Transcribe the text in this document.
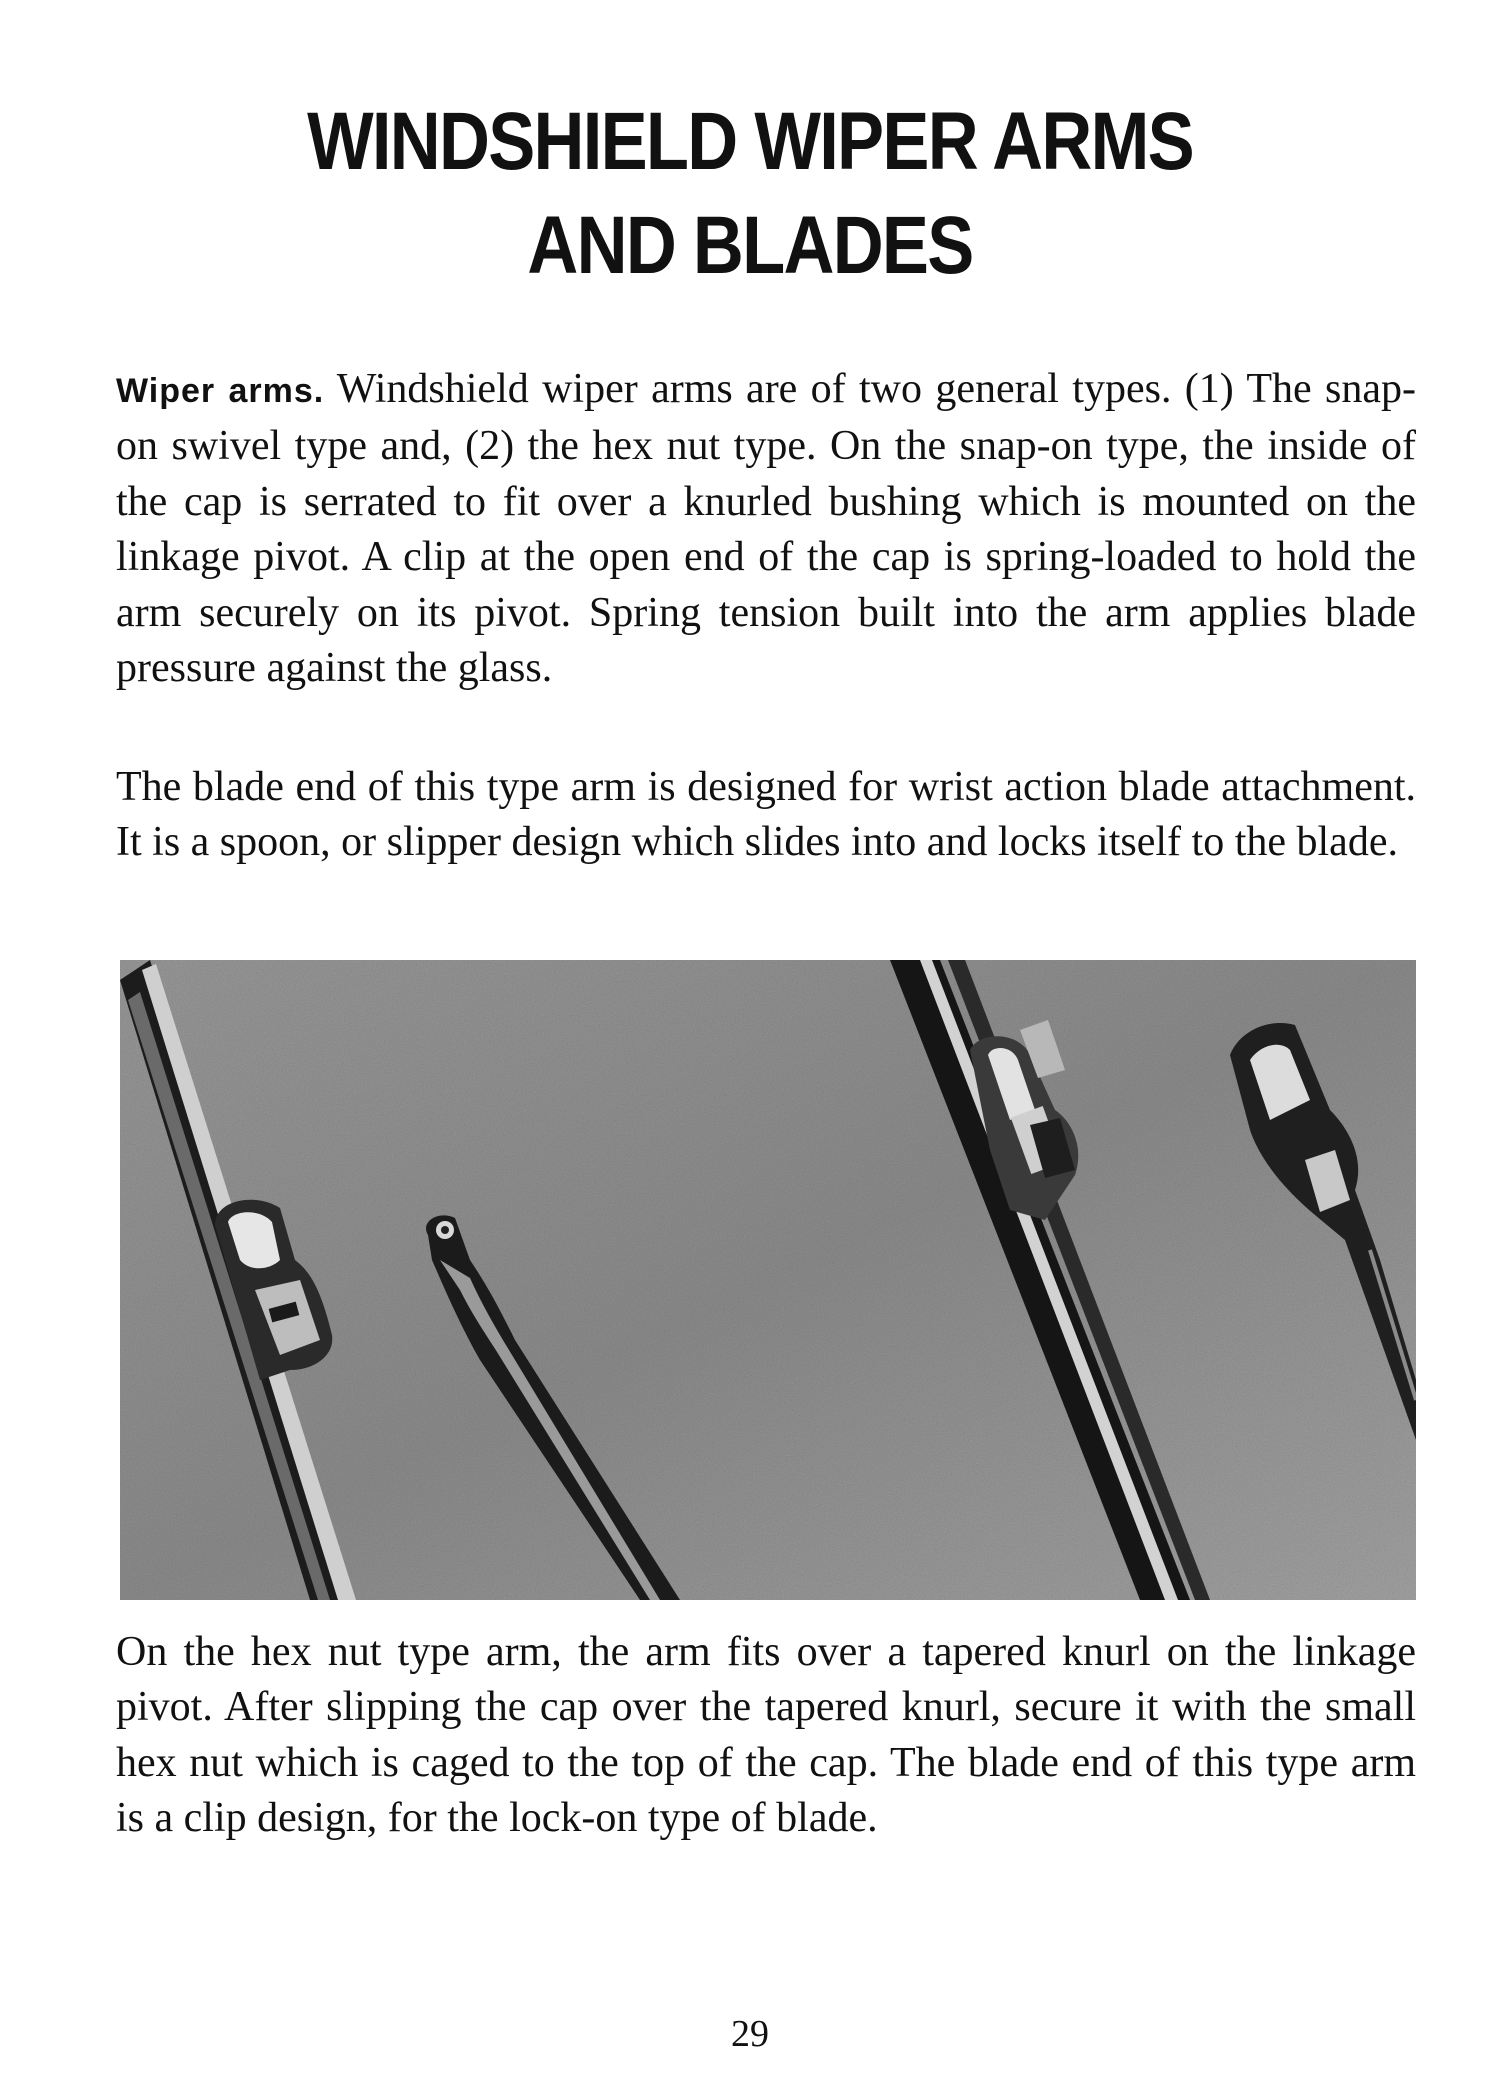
WINDSHIELD WIPER ARMS
AND BLADES

Wiper arms. Windshield wiper arms are of two general types. (1) The snap-on swivel type and, (2) the hex nut type. On the snap-on type, the inside of the cap is serrated to fit over a knurled bushing which is mounted on the linkage pivot. A clip at the open end of the cap is spring-loaded to hold the arm securely on its pivot. Spring tension built into the arm applies blade pressure against the glass.

The blade end of this type arm is designed for wrist action blade attachment. It is a spoon, or slipper design which slides into and locks itself to the blade.

On the hex nut type arm, the arm fits over a tapered knurl on the linkage pivot. After slipping the cap over the tapered knurl, secure it with the small hex nut which is caged to the top of the cap. The blade end of this type arm is a clip design, for the lock-on type of blade.

29
